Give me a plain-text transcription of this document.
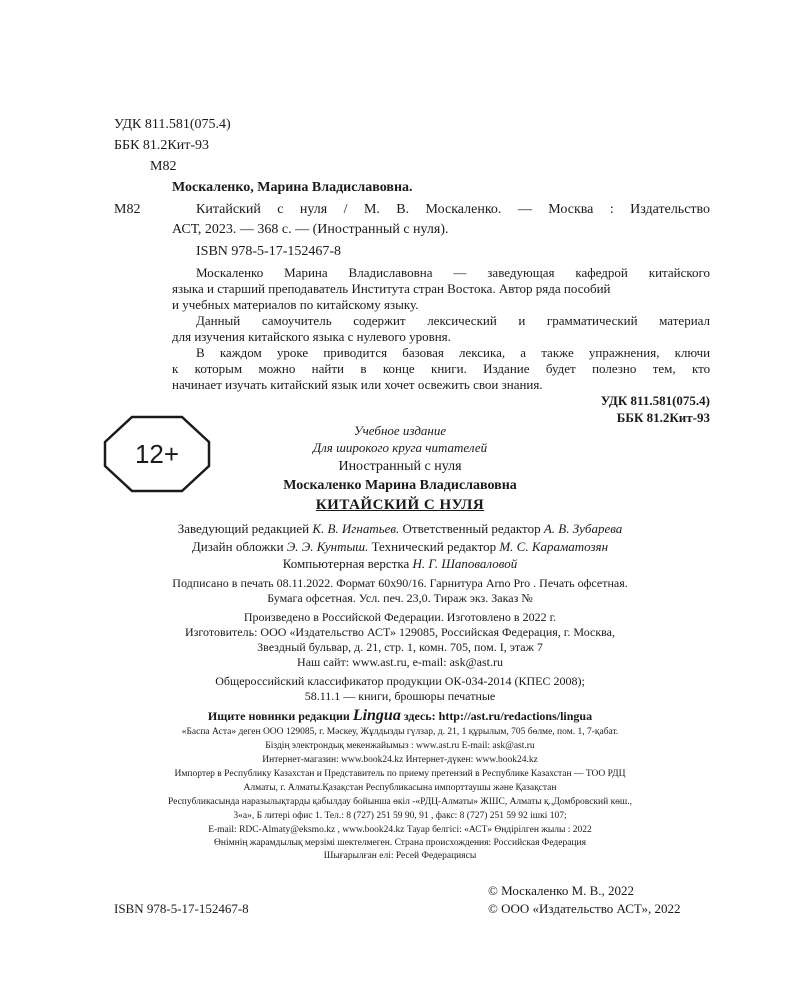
УДК 811.581(075.4)
ББК 81.2Кит-93
М82
Москаленко, Марина Владиславовна.
М82	Китайский с нуля / М. В. Москаленко. — Москва : Издательство
АСТ, 2023. — 368 с. — (Иностранный с нуля).
ISBN 978-5-17-152467-8
Москаленко Марина Владиславовна — заведующая кафедрой китайского
языка и старший преподаватель Института стран Востока. Автор ряда пособий
и учебных материалов по китайскому языку.
Данный самоучитель содержит лексический и грамматический материал
для изучения китайского языка с нулевого уровня.
В каждом уроке приводится базовая лексика, а также упражнения, ключи
к которым можно найти в конце книги. Издание будет полезно тем, кто
начинает изучать китайский язык или хочет освежить свои знания.
УДК 811.581(075.4)
ББК 81.2Кит-93
12+
Учебное издание
Для широкого круга читателей
Иностранный с нуля
Москаленко Марина Владиславовна
КИТАЙСКИЙ С НУЛЯ
Заведующий редакцией К. В. Игнатьев. Ответственный редактор А. В. Зубарева
Дизайн обложки Э. Э. Кунтыш. Технический редактор М. С. Караматозян
Компьютерная верстка Н. Г. Шаповаловой
Подписано в печать 08.11.2022. Формат 60х90/16. Гарнитура Arno Pro . Печать офсетная.
Бумага офсетная. Усл. печ. 23,0. Тираж экз. Заказ №
Произведено в Российской Федерации. Изготовлено в 2022 г.
Изготовитель: ООО «Издательство АСТ» 129085, Российская Федерация, г. Москва,
Звездный бульвар, д. 21, стр. 1, комн. 705, пом. I, этаж 7
Наш сайт: www.ast.ru, e-mail: ask@ast.ru
Общероссийский классификатор продукции ОК-034-2014 (КПЕС 2008);
58.11.1 — книги, брошюры печатные
Ищите новинки редакции Lingua здесь: http://ast.ru/redactions/lingua
«Баспа Аста» деген ООО 129085, г. Мәскеу, Жұлдызды гүлзар, д. 21, 1 құрылым, 705 бөлме, пом. 1, 7-қабат.
Біздің электрондық мекенжайымыз : www.ast.ru E-mail: ask@ast.ru
Интернет-магазин: www.book24.kz Интернет-дүкен: www.book24.kz
Импортер в Республику Казахстан и Представитель по приему претензий в Республике Казахстан — ТОО РДЦ
Алматы, г. Алматы.Қазақстан Республикасына импорттаушы және Қазақстан
Республикасында наразылықтарды қабылдау бойынша өкіл -«РДЦ-Алматы» ЖШС, Алматы қ.,Домбровский көш.,
3«а», Б литерi офис 1. Тел.: 8 (727) 251 59 90, 91 , факс: 8 (727) 251 59 92 ішкі 107;
E-mail: RDC-Almaty@eksmo.kz , www.book24.kz Тауар белгісі: «АСТ» Өндірілген жылы : 2022
Өнімнің жарамдылық мерзімі шектелмеген. Страна происхождения: Российская Федерация
Шығарылған елі: Ресей Федерациясы
ISBN 978-5-17-152467-8
© Москаленко М. В., 2022
© ООО «Издательство АСТ», 2022
